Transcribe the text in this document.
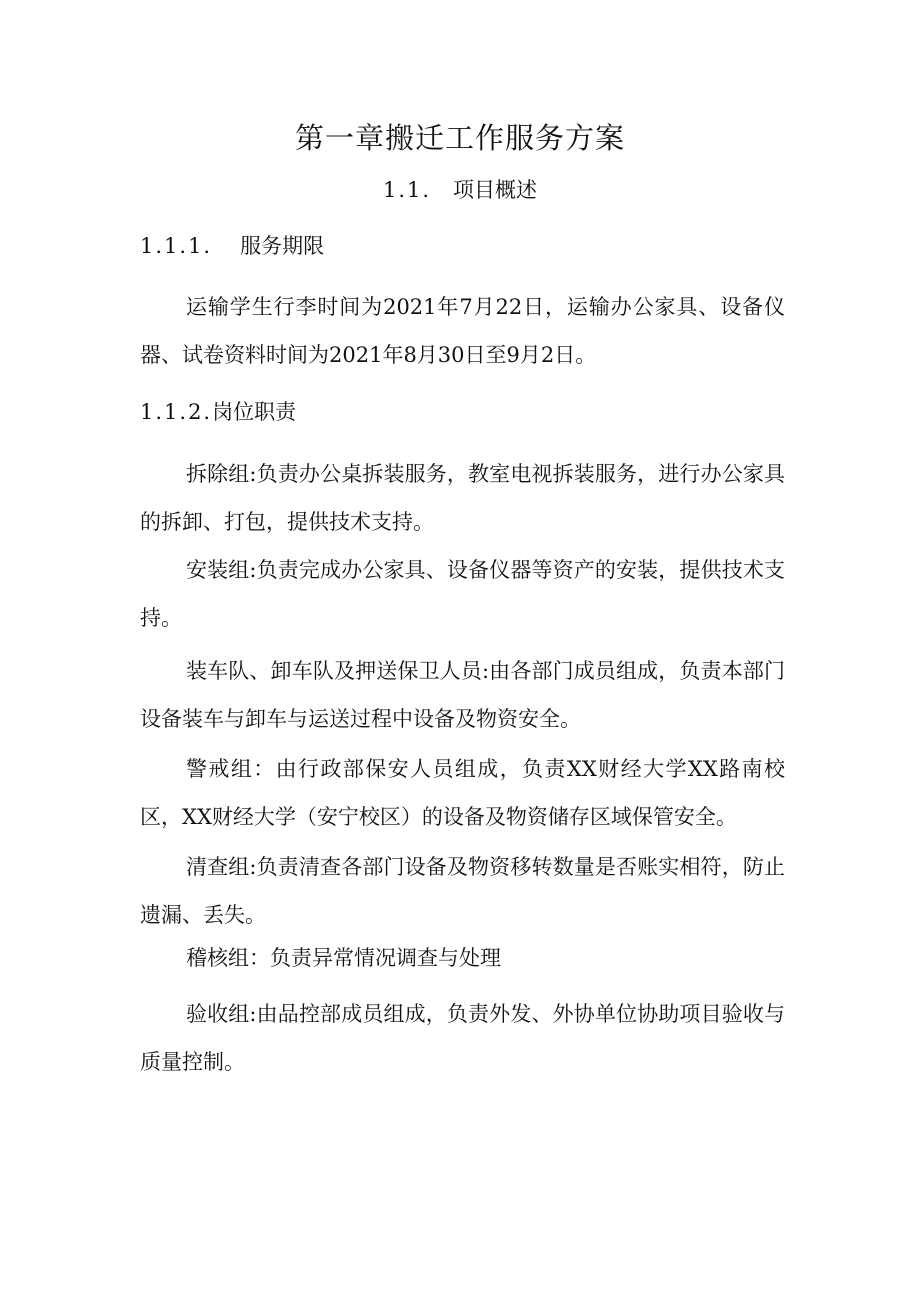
第一章搬迁工作服务方案
1.1. 项目概述
1.1.1. 服务期限

运输学生行李时间为2021年7月22日，运输办公家具、设备仪器、试卷资料时间为2021年8月30日至9月2日。

1.1.2.岗位职责

拆除组:负责办公桌拆装服务，教室电视拆装服务，进行办公家具的拆卸、打包，提供技术支持。

安装组:负责完成办公家具、设备仪器等资产的安装，提供技术支持。

装车队、卸车队及押送保卫人员:由各部门成员组成，负责本部门设备装车与卸车与运送过程中设备及物资安全。

警戒组：由行政部保安人员组成，负责XX财经大学XX路南校区，XX财经大学（安宁校区）的设备及物资储存区域保管安全。

清查组:负责清查各部门设备及物资移转数量是否账实相符，防止遗漏、丢失。

稽核组：负责异常情况调查与处理

验收组:由品控部成员组成，负责外发、外协单位协助项目验收与质量控制。
